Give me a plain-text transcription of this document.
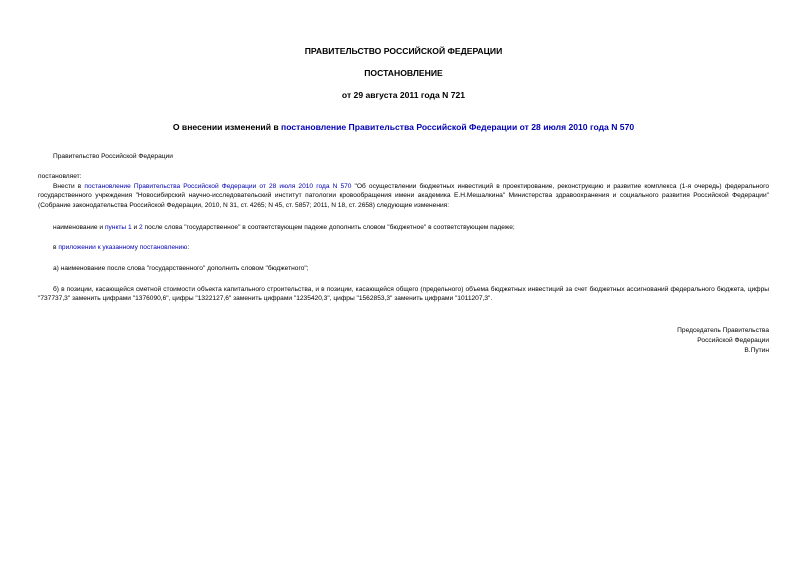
ПРАВИТЕЛЬСТВО РОССИЙСКОЙ ФЕДЕРАЦИИ
ПОСТАНОВЛЕНИЕ
от 29 августа 2011 года N 721
О внесении изменений в постановление Правительства Российской Федерации от 28 июля 2010 года N 570
Правительство Российской Федерации
постановляет:
Внести в постановление Правительства Российской Федерации от 28 июля 2010 года N 570 "Об осуществлении бюджетных инвестиций в проектирование, реконструкцию и развитие комплекса (1-я очередь) федерального государственного учреждения "Новосибирский научно-исследовательский институт патологии кровообращения имени академика Е.Н.Мешалкина" Министерства здравоохранения и социального развития Российской Федерации" (Собрание законодательства Российской Федерации, 2010, N 31, ст. 4265; N 45, ст. 5857; 2011, N 18, ст. 2658) следующие изменения:
наименование и пункты 1 и 2 после слова "государственное" в соответствующем падеже дополнить словом "бюджетное" в соответствующем падеже;
в приложении к указанному постановлению:
а) наименование после слова "государственного" дополнить словом "бюджетного";
б) в позиции, касающейся сметной стоимости объекта капитального строительства, и в позиции, касающейся общего (предельного) объема бюджетных инвестиций за счет бюджетных ассигнований федерального бюджета, цифры "737737,3" заменить цифрами "1376090,6", цифры "1322127,6" заменить цифрами "1235420,3", цифры "1562853,3" заменить цифрами "1011207,3".
Председатель Правительства
Российской Федерации
В.Путин
